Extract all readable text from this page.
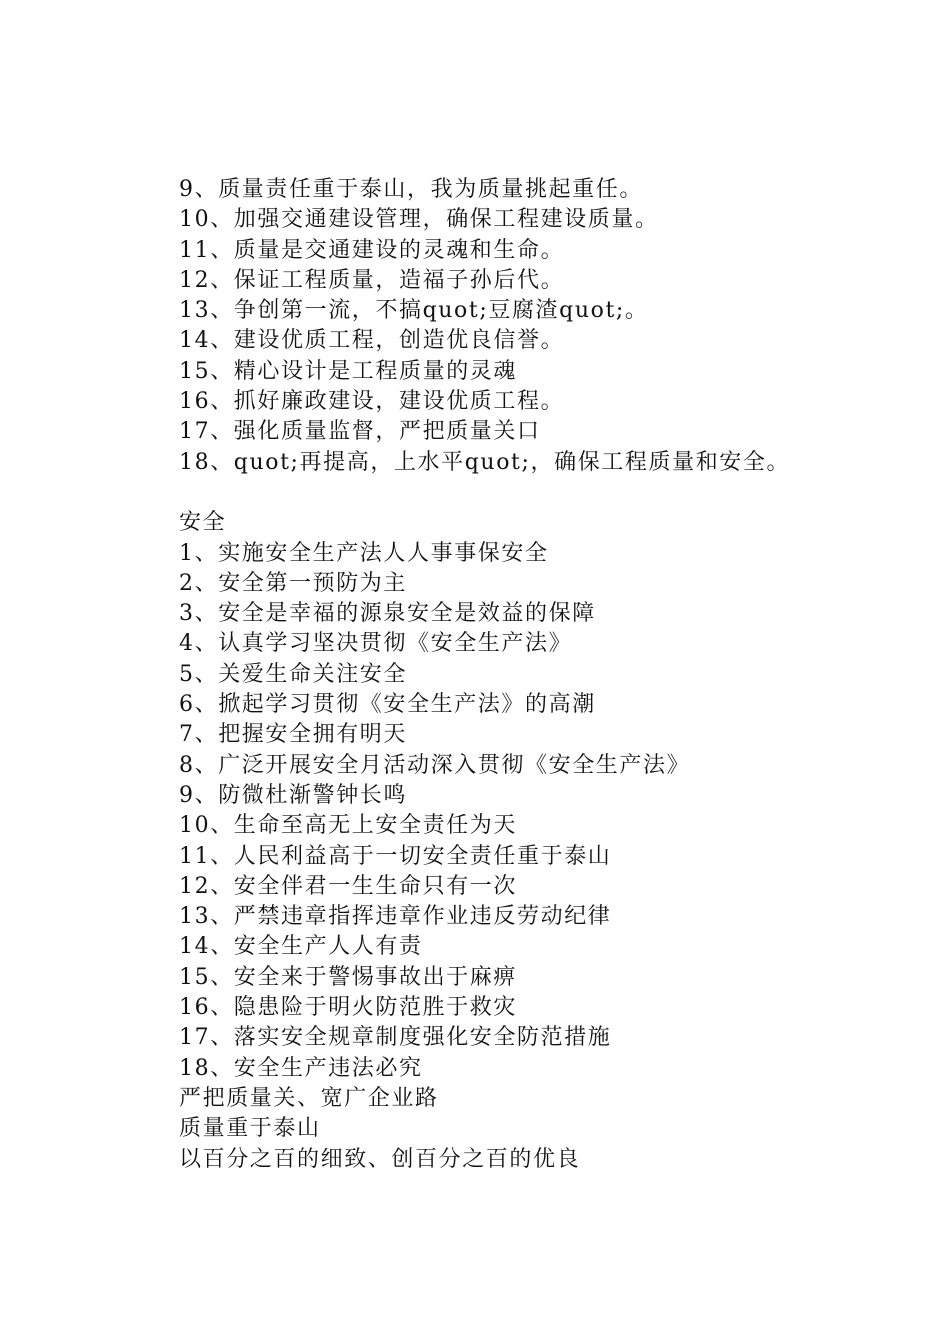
9、质量责任重于泰山，我为质量挑起重任。
10、加强交通建设管理，确保工程建设质量。
11、质量是交通建设的灵魂和生命。
12、保证工程质量，造福子孙后代。
13、争创第一流，不搞quot;豆腐渣quot;。
14、建设优质工程，创造优良信誉。
15、精心设计是工程质量的灵魂
16、抓好廉政建设，建设优质工程。
17、强化质量监督，严把质量关口
18、quot;再提高，上水平quot;，确保工程质量和安全。
安全
1、实施安全生产法人人事事保安全
2、安全第一预防为主
3、安全是幸福的源泉安全是效益的保障
4、认真学习坚决贯彻《安全生产法》
5、关爱生命关注安全
6、掀起学习贯彻《安全生产法》的高潮
7、把握安全拥有明天
8、广泛开展安全月活动深入贯彻《安全生产法》
9、防微杜渐警钟长鸣
10、生命至高无上安全责任为天
11、人民利益高于一切安全责任重于泰山
12、安全伴君一生生命只有一次
13、严禁违章指挥违章作业违反劳动纪律
14、安全生产人人有责
15、安全来于警惕事故出于麻痹
16、隐患险于明火防范胜于救灾
17、落实安全规章制度强化安全防范措施
18、安全生产违法必究
严把质量关、宽广企业路
质量重于泰山
以百分之百的细致、创百分之百的优良
